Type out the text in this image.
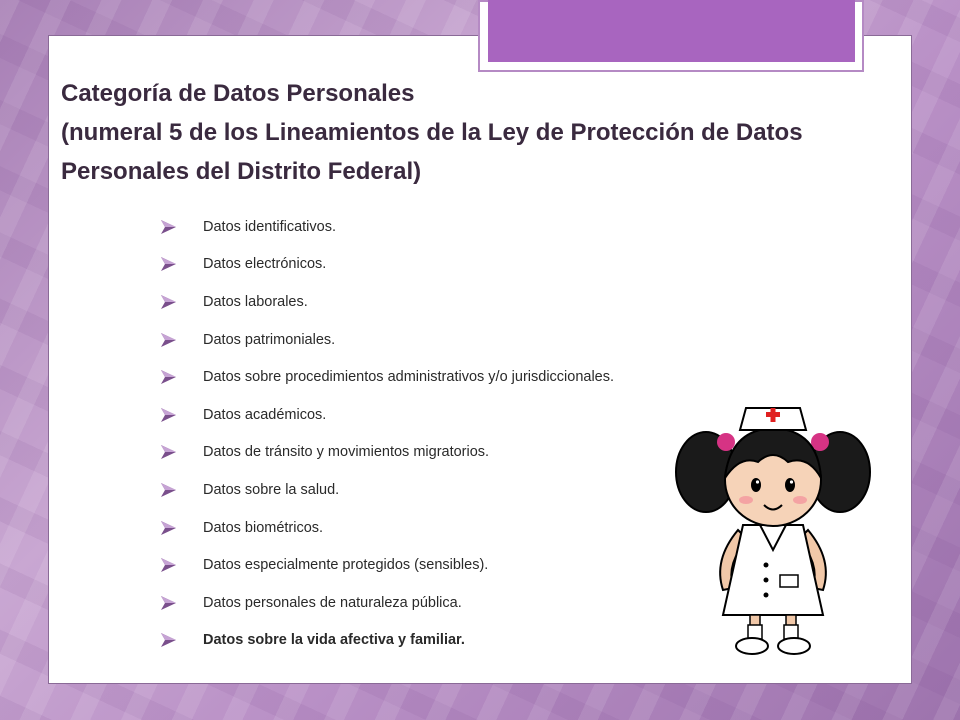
Categoría de Datos Personales
(numeral 5 de los Lineamientos de la Ley de Protección de Datos
Personales del Distrito Federal)
Datos identificativos.
Datos electrónicos.
Datos laborales.
Datos patrimoniales.
Datos sobre procedimientos administrativos y/o jurisdiccionales.
Datos académicos.
Datos de tránsito y movimientos migratorios.
Datos sobre la salud.
Datos biométricos.
Datos especialmente protegidos (sensibles).
Datos personales de naturaleza pública.
Datos sobre la vida afectiva y familiar.
